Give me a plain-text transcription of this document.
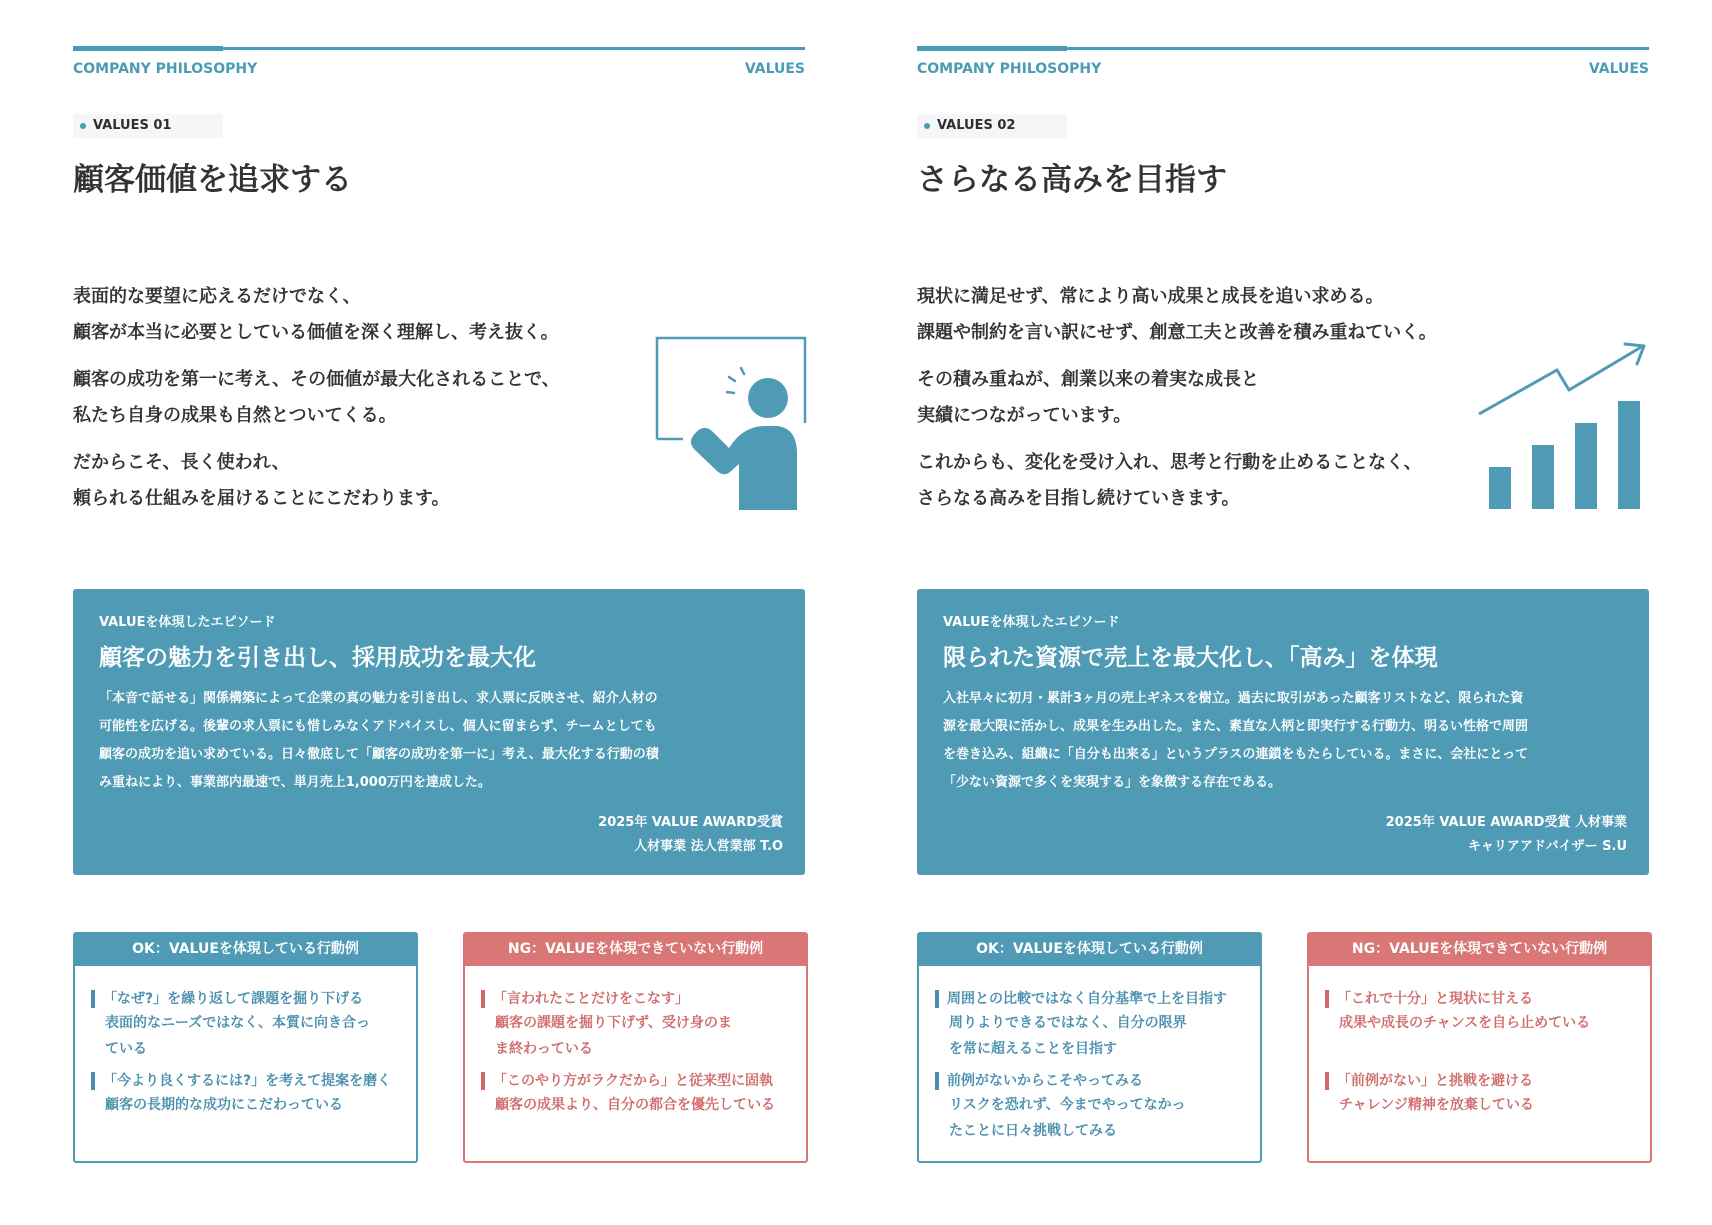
COMPANY PHILOSOPHY	VALUES
VALUES 01
顧客価値を追求する
表面的な要望に応えるだけでなく、
顧客が本当に必要としている価値を深く理解し、考え抜く。
顧客の成功を第一に考え、その価値が最大化されることで、
私たち自身の成果も自然とついてくる。
だからこそ、長く使われ、
頼られる仕組みを届けることにこだわります。
VALUEを体現したエピソード
顧客の魅力を引き出し、採用成功を最大化
「本音で話せる」関係構築によって企業の真の魅力を引き出し、求人票に反映させ、紹介人材の
可能性を広げる。後輩の求人票にも惜しみなくアドバイスし、個人に留まらず、チームとしても
顧客の成功を追い求めている。日々徹底して「顧客の成功を第一に」考え、最大化する行動の積
み重ねにより、事業部内最速で、単月売上1,000万円を達成した。
2025年 VALUE AWARD受賞
人材事業 法人営業部 T.O
OK：VALUEを体現している行動例
「なぜ?」を繰り返して課題を掘り下げる
表面的なニーズではなく、本質に向き合っ
ている
「今より良くするには?」を考えて提案を磨く
顧客の長期的な成功にこだわっている
NG：VALUEを体現できていない行動例
「言われたことだけをこなす」
顧客の課題を掘り下げず、受け身のま
ま終わっている
「このやり方がラクだから」と従来型に固執
顧客の成果より、自分の都合を優先している
COMPANY PHILOSOPHY	VALUES
VALUES 02
さらなる高みを目指す
現状に満足せず、常により高い成果と成長を追い求める。
課題や制約を言い訳にせず、創意工夫と改善を積み重ねていく。
その積み重ねが、創業以来の着実な成長と
実績につながっています。
これからも、変化を受け入れ、思考と行動を止めることなく、
さらなる高みを目指し続けていきます。
VALUEを体現したエピソード
限られた資源で売上を最大化し、「高み」を体現
入社早々に初月・累計3ヶ月の売上ギネスを樹立。過去に取引があった顧客リストなど、限られた資
源を最大限に活かし、成果を生み出した。また、素直な人柄と即実行する行動力、明るい性格で周囲
を巻き込み、組織に「自分も出来る」というプラスの連鎖をもたらしている。まさに、会社にとって
「少ない資源で多くを実現する」を象徴する存在である。
2025年 VALUE AWARD受賞 人材事業
キャリアアドバイザー S.U
OK：VALUEを体現している行動例
周囲との比較ではなく自分基準で上を目指す
周りよりできるではなく、自分の限界
を常に超えることを目指す
前例がないからこそやってみる
リスクを恐れず、今までやってなかっ
たことに日々挑戦してみる
NG：VALUEを体現できていない行動例
「これで十分」と現状に甘える
成果や成長のチャンスを自ら止めている
「前例がない」と挑戦を避ける
チャレンジ精神を放棄している
